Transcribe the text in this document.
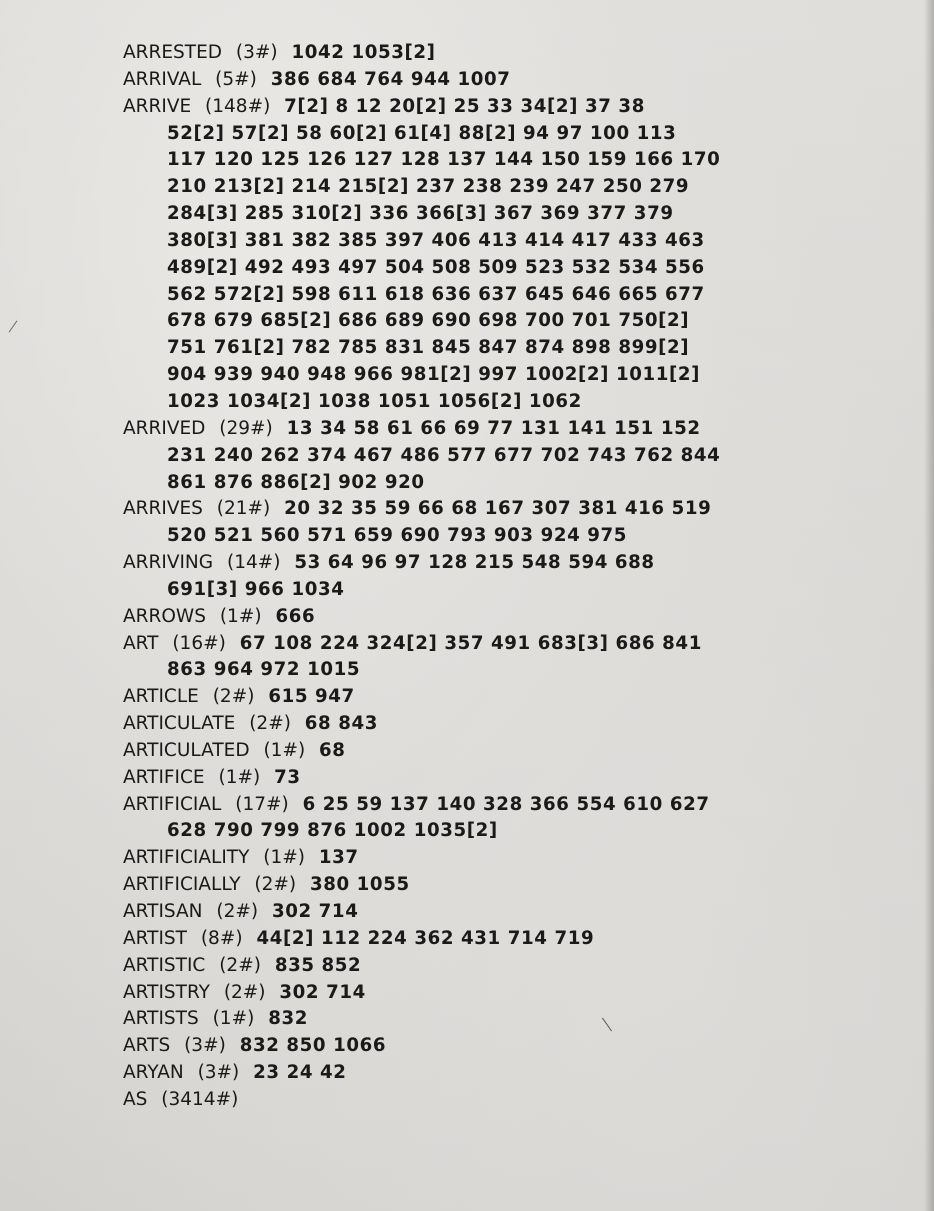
ARRESTED (3#) 1042 1053[2]
ARRIVAL (5#) 386 684 764 944 1007
ARRIVE (148#) 7[2] 8 12 20[2] 25 33 34[2] 37 38
52[2] 57[2] 58 60[2] 61[4] 88[2] 94 97 100 113
117 120 125 126 127 128 137 144 150 159 166 170
210 213[2] 214 215[2] 237 238 239 247 250 279
284[3] 285 310[2] 336 366[3] 367 369 377 379
380[3] 381 382 385 397 406 413 414 417 433 463
489[2] 492 493 497 504 508 509 523 532 534 556
562 572[2] 598 611 618 636 637 645 646 665 677
678 679 685[2] 686 689 690 698 700 701 750[2]
751 761[2] 782 785 831 845 847 874 898 899[2]
904 939 940 948 966 981[2] 997 1002[2] 1011[2]
1023 1034[2] 1038 1051 1056[2] 1062
ARRIVED (29#) 13 34 58 61 66 69 77 131 141 151 152
231 240 262 374 467 486 577 677 702 743 762 844
861 876 886[2] 902 920
ARRIVES (21#) 20 32 35 59 66 68 167 307 381 416 519
520 521 560 571 659 690 793 903 924 975
ARRIVING (14#) 53 64 96 97 128 215 548 594 688
691[3] 966 1034
ARROWS (1#) 666
ART (16#) 67 108 224 324[2] 357 491 683[3] 686 841
863 964 972 1015
ARTICLE (2#) 615 947
ARTICULATE (2#) 68 843
ARTICULATED (1#) 68
ARTIFICE (1#) 73
ARTIFICIAL (17#) 6 25 59 137 140 328 366 554 610 627
628 790 799 876 1002 1035[2]
ARTIFICIALITY (1#) 137
ARTIFICIALLY (2#) 380 1055
ARTISAN (2#) 302 714
ARTIST (8#) 44[2] 112 224 362 431 714 719
ARTISTIC (2#) 835 852
ARTISTRY (2#) 302 714
ARTISTS (1#) 832
ARTS (3#) 832 850 1066
ARYAN (3#) 23 24 42
AS (3414#)
